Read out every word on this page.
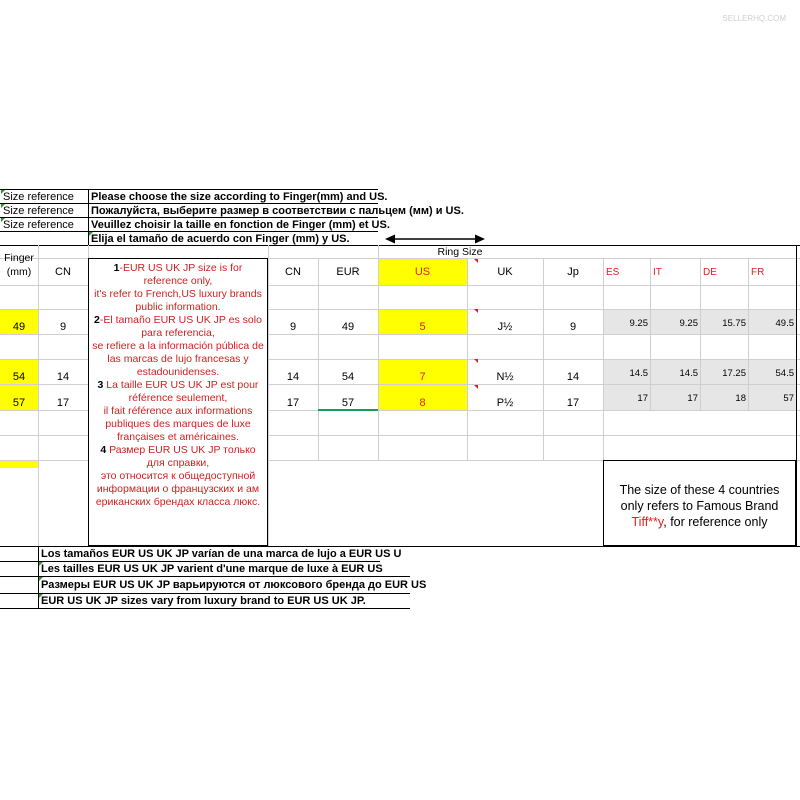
SELLERHQ.COM
Size reference Please choose the size according to Finger(mm) and US.
Size reference Пожалуйста, выберите размер в соответствии с пальцем (мм) и US.
Size reference Veuillez choisir la taille en fonction de Finger (mm) et US.
Elija el tamaño de acuerdo con Finger (mm) y US.
Ring Size
Finger
(mm)	CN	CN	EUR	US	UK	Jp	ES	IT	DE	FR
49	9	9	49	5	J½	9	9.25	9.25	15.75	49.5
54	14	14	54	7	N½	14	14.5	14.5	17.25	54.5
57	17	17	57	8	P½	17	17	17	18	57

1-EUR US UK JP size is for reference only,

it's refer to French,US luxury brands public information.

2-El tamaño EUR US UK JP es solo para referencia,

se refiere a la información pública de las marcas de lujo francesas y estadounidenses.

3 La taille EUR US UK JP est pour référence seulement,

il fait référence aux informations publiques des marques de luxe françaises et américaines.

4 Размер EUR US UK JP только для справки,

это относится к общедоступной информации о французских и ам ериканских брендах класса люкс.

The size of these 4 countries
only refers to Famous Brand
Tiff**y, for reference only
Los tamaños EUR US UK JP varían de una marca de lujo a EUR US U
Les tailles EUR US UK JP varient d'une marque de luxe à EUR US
Размеры EUR US UK JP варьируются от люксового бренда до EUR US
EUR US UK JP sizes vary from luxury brand to EUR US UK JP.
